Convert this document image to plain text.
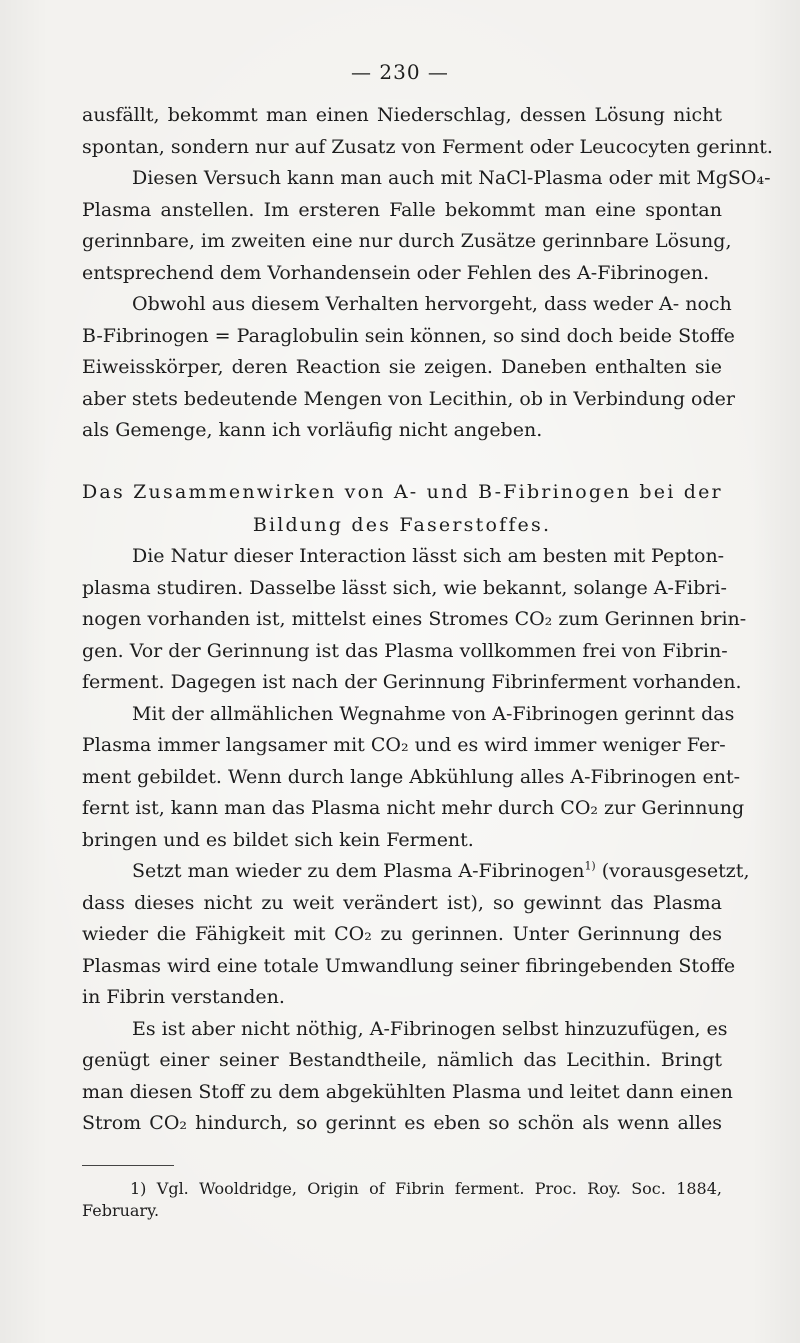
— 230 —
ausfällt, bekommt man einen Niederschlag, dessen Lösung nicht
spontan, sondern nur auf Zusatz von Ferment oder Leucocyten gerinnt.
Diesen Versuch kann man auch mit NaCl-Plasma oder mit MgSO₄-
Plasma anstellen. Im ersteren Falle bekommt man eine spontan
gerinnbare, im zweiten eine nur durch Zusätze gerinnbare Lösung,
entsprechend dem Vorhandensein oder Fehlen des A-Fibrinogen.
Obwohl aus diesem Verhalten hervorgeht, dass weder A- noch
B-Fibrinogen = Paraglobulin sein können, so sind doch beide Stoffe
Eiweisskörper, deren Reaction sie zeigen. Daneben enthalten sie
aber stets bedeutende Mengen von Lecithin, ob in Verbindung oder
als Gemenge, kann ich vorläufig nicht angeben.
Das Zusammenwirken von A- und B-Fibrinogen bei der
Bildung des Faserstoffes.
Die Natur dieser Interaction lässt sich am besten mit Pepton-
plasma studiren. Dasselbe lässt sich, wie bekannt, solange A-Fibri-
nogen vorhanden ist, mittelst eines Stromes CO₂ zum Gerinnen brin-
gen. Vor der Gerinnung ist das Plasma vollkommen frei von Fibrin-
ferment. Dagegen ist nach der Gerinnung Fibrinferment vorhanden.
Mit der allmählichen Wegnahme von A-Fibrinogen gerinnt das
Plasma immer langsamer mit CO₂ und es wird immer weniger Fer-
ment gebildet. Wenn durch lange Abkühlung alles A-Fibrinogen ent-
fernt ist, kann man das Plasma nicht mehr durch CO₂ zur Gerinnung
bringen und es bildet sich kein Ferment.
Setzt man wieder zu dem Plasma A-Fibrinogen$^{1)}$ (vorausgesetzt,
dass dieses nicht zu weit verändert ist), so gewinnt das Plasma
wieder die Fähigkeit mit CO₂ zu gerinnen. Unter Gerinnung des
Plasmas wird eine totale Umwandlung seiner fibringebenden Stoffe
in Fibrin verstanden.
Es ist aber nicht nöthig, A-Fibrinogen selbst hinzuzufügen, es
genügt einer seiner Bestandtheile, nämlich das Lecithin. Bringt
man diesen Stoff zu dem abgekühlten Plasma und leitet dann einen
Strom CO₂ hindurch, so gerinnt es eben so schön als wenn alles
1) Vgl. Wooldridge, Origin of Fibrin ferment. Proc. Roy. Soc. 1884,
February.
